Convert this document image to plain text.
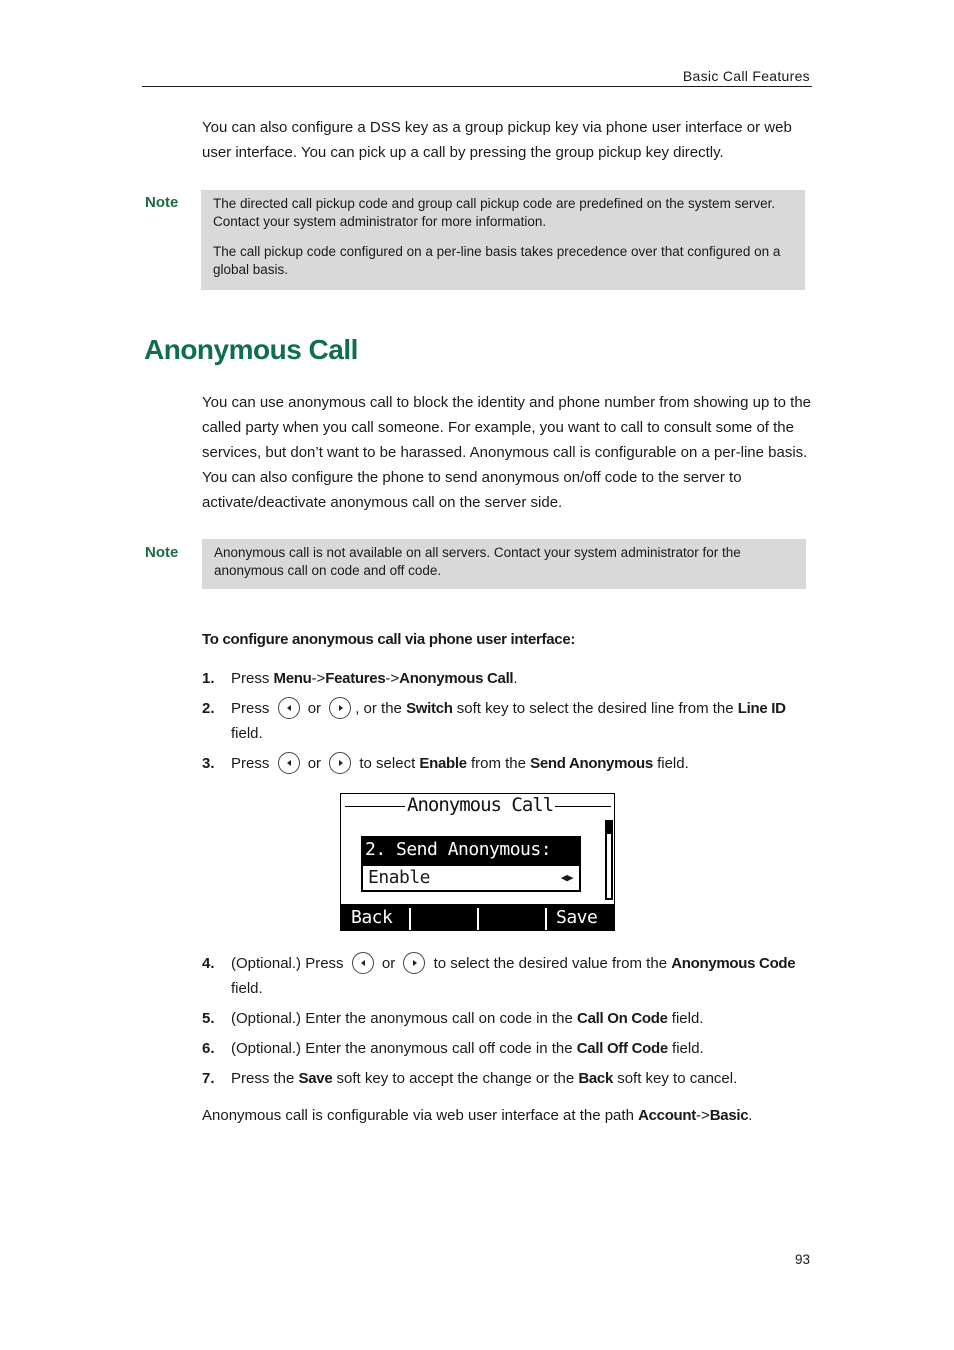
Basic Call Features
You can also configure a DSS key as a group pickup key via phone user interface or web user interface. You can pick up a call by pressing the group pickup key directly.
Note	The directed call pickup code and group call pickup code are predefined on the system server. Contact your system administrator for more information.

The call pickup code configured on a per-line basis takes precedence over that configured on a global basis.

Anonymous Call
You can use anonymous call to block the identity and phone number from showing up to the called party when you call someone. For example, you want to call to consult some of the services, but don’t want to be harassed. Anonymous call is configurable on a per-line basis. You can also configure the phone to send anonymous on/off code to the server to activate/deactivate anonymous call on the server side.
Note	Anonymous call is not available on all servers. Contact your system administrator for the anonymous call on code and off code.

To configure anonymous call via phone user interface:
1. Press Menu->Features->Anonymous Call.
2. Press	or , or the Switch soft key to select the desired line from the Line ID
field.
3. Press	or  to select Enable from the Send Anonymous field.
Anonymous Call
2. Send Anonymous:
Enable	◀▶
Back	Save
4. (Optional.) Press	or  to select the desired value from the Anonymous Code
field.
5. (Optional.) Enter the anonymous call on code in the Call On Code field.
6. (Optional.) Enter the anonymous call off code in the Call Off Code field.
7. Press the Save soft key to accept the change or the Back soft key to cancel.
Anonymous call is configurable via web user interface at the path Account->Basic.
93
